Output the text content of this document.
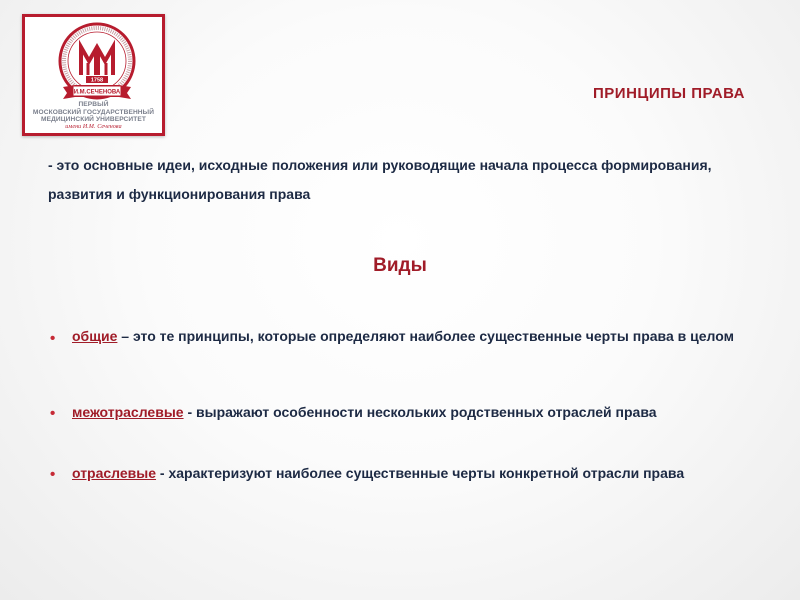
1758
И.М.СЕЧЕНОВА
ПЕРВЫЙ
МОСКОВСКИЙ ГОСУДАРСТВЕННЫЙ
МЕДИЦИНСКИЙ УНИВЕРСИТЕТ
имени И.М. Сеченова
ПРИНЦИПЫ ПРАВА
- это основные идеи, исходные положения или руководящие начала процесса формирования, развития и функционирования права
Виды
• общие – это те принципы, которые определяют наиболее существенные черты права в целом
• межотраслевые - выражают особенности нескольких родственных отраслей права
• отраслевые - характеризуют наиболее существенные черты конкретной отрасли права
